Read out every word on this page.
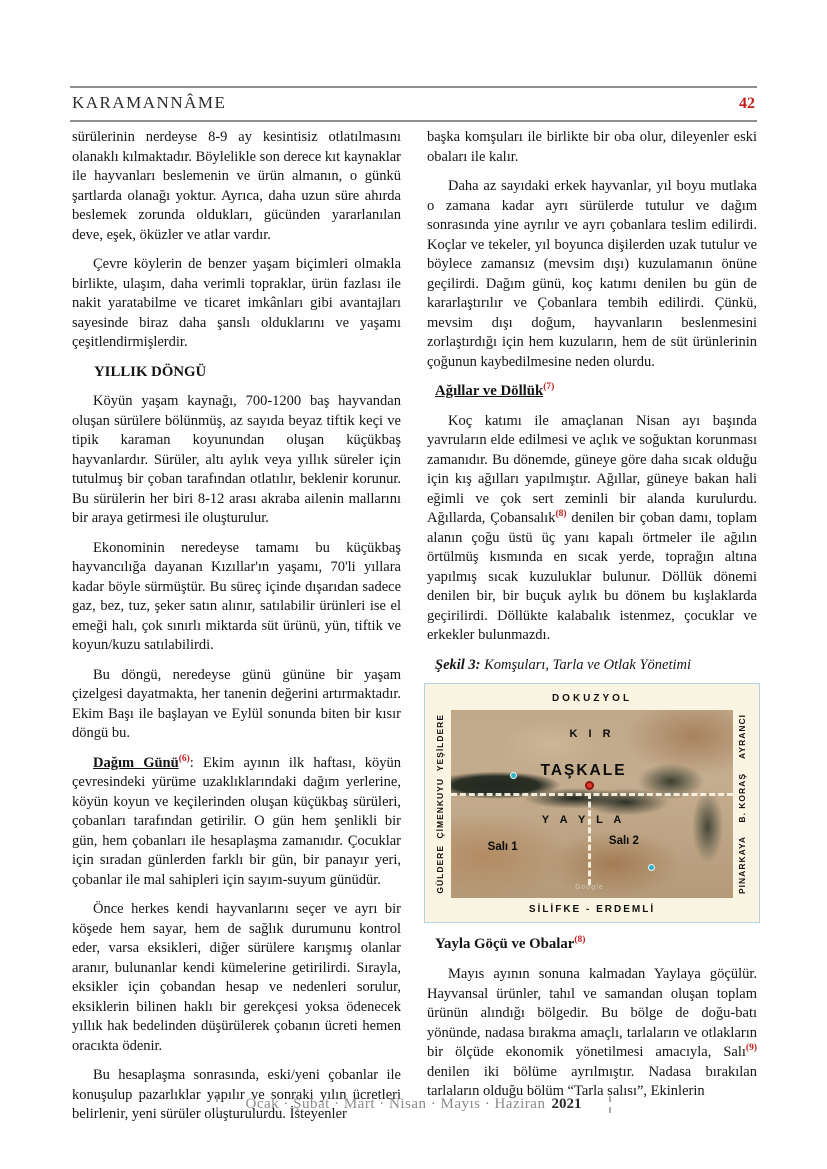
KARAMANNÂME	42

sürülerinin nerdeyse 8-9 ay kesintisiz otlatılmasını olanaklı kılmaktadır. Böylelikle son derece kıt kaynaklar ile hayvanları beslemenin ve ürün almanın, o günkü şartlarda olanağı yoktur. Ayrıca, daha uzun süre ahırda beslemek zorunda oldukları, gücünden yararlanılan deve, eşek, öküzler ve atlar vardır.

Çevre köylerin de benzer yaşam biçimleri olmakla birlikte, ulaşım, daha verimli topraklar, ürün fazlası ile nakit yaratabilme ve ticaret imkânları gibi avantajları sayesinde biraz daha şanslı olduklarını ve yaşamı çeşitlendirmişlerdir.

YILLIK DÖNGÜ

Köyün yaşam kaynağı, 700-1200 baş hayvandan oluşan sürülere bölünmüş, az sayıda beyaz tiftik keçi ve tipik karaman koyunundan oluşan küçükbaş hayvanlardır. Sürüler, altı aylık veya yıllık süreler için tutulmuş bir çoban tarafından otlatılır, beklenir korunur. Bu sürülerin her biri 8-12 arası akraba ailenin mallarını bir araya getirmesi ile oluşturulur.

Ekonominin neredeyse tamamı bu küçükbaş hayvancılığa dayanan Kızıllar'ın yaşamı, 70'li yıllara kadar böyle sürmüştür. Bu süreç içinde dışarıdan sadece gaz, bez, tuz, şeker satın alınır, satılabilir ürünleri ise el emeği halı, çok sınırlı miktarda süt ürünü, yün, tiftik ve koyun/kuzu satılabilirdi.

Bu döngü, neredeyse günü gününe bir yaşam çizelgesi dayatmakta, her tanenin değerini artırmaktadır. Ekim Başı ile başlayan ve Eylül sonunda biten bir kısır döngü bu.

Dağım Günü$^{(6)}$: Ekim ayının ilk haftası, köyün çevresindeki yürüme uzaklıklarındaki dağım yerlerine, köyün koyun ve keçilerinden oluşan küçükbaş sürüleri, çobanları tarafından getirilir. O gün hem şenlikli bir gün, hem çobanları ile hesaplaşma zamanıdır. Çocuklar için sıradan günlerden farklı bir gün, bir panayır yeri, çobanlar ile mal sahipleri için sayım-suyum günüdür.

Önce herkes kendi hayvanlarını seçer ve ayrı bir köşede hem sayar, hem de sağlık durumunu kontrol eder, varsa eksikleri, diğer sürülere karışmış olanlar aranır, bulunanlar kendi kümelerine getirilirdi. Sırayla, eksikler için çobandan hesap ve nedenleri sorulur, eksiklerin bilinen haklı bir gerekçesi yoksa ödenecek yıllık hak bedelinden düşürülerek çobanın ücreti hemen oracıkta ödenir.

Bu hesaplaşma sonrasında, eski/yeni çobanlar ile konuşulup pazarlıklar yapılır ve sonraki yılın ücretleri belirlenir, yeni sürüler oluşturulurdu. İsteyenler

başka komşuları ile birlikte bir oba olur, dileyenler eski obaları ile kalır.

Daha az sayıdaki erkek hayvanlar, yıl boyu mutlaka o zamana kadar ayrı sürülerde tutulur ve dağım sonrasında yine ayrılır ve ayrı çobanlara teslim edilirdi. Koçlar ve tekeler, yıl boyunca dişilerden uzak tutulur ve böylece zamansız (mevsim dışı) kuzulamanın önüne geçilirdi. Dağım günü, koç katımı denilen bu gün de kararlaştırılır ve Çobanlara tembih edilirdi. Çünkü, mevsim dışı doğum, hayvanların beslenmesini zorlaştırdığı için hem kuzuların, hem de süt ürünlerinin çoğunun kaybedilmesine neden olurdu.

Ağıllar ve Döllük$^{(7)}$

Koç katımı ile amaçlanan Nisan ayı başında yavruların elde edilmesi ve açlık ve soğuktan korunması zamanıdır. Bu dönemde, güneye göre daha sıcak olduğu için kış ağılları yapılmıştır. Ağıllar, güneye bakan hali eğimli ve çok sert zeminli bir alanda kurulurdu. Ağıllarda, Çobansalık$^{(8)}$ denilen bir çoban damı, toplam alanın çoğu üstü üç yanı kapalı örtmeler ile ağılın örtülmüş kısmında en sıcak yerde, toprağın altına yapılmış sıcak kuzuluklar bulunur. Döllük dönemi denilen bir, bir buçuk aylık bu dönem bu kışlaklarda geçirilirdi. Döllükte kalabalık istenmez, çocuklar ve erkekler bulunmazdı.

Şekil 3: Komşuları, Tarla ve Otlak Yönetimi
DOKUZYOL
YEŞİLDERE
ÇİMENKUYU
GÜLDERE
K I R
TAŞKALE
Y A Y L A
Salı 1	Salı 2
Google
AYRANCI
B. KORAŞ
PINARKAYA
SİLİFKE - ERDEMLİ
Yayla Göçü ve Obalar$^{(8)}$

Mayıs ayının sonuna kalmadan Yaylaya göçülür. Hayvansal ürünler, tahıl ve samandan oluşan toplam ürünün alındığı bölgedir. Bu bölge de doğu-batı yönünde, nadasa bırakma amaçlı, tarlaların ve otlakların bir ölçüde ekonomik yönetilmesi amacıyla, Salı$^{(9)}$ denilen iki bölüme ayrılmıştır. Nadasa bırakılan tarlaların olduğu bölüm “Tarla salısı”, Ekinlerin

Ocak · Şubat · Mart · Nisan · Mayıs · Haziran 2021
